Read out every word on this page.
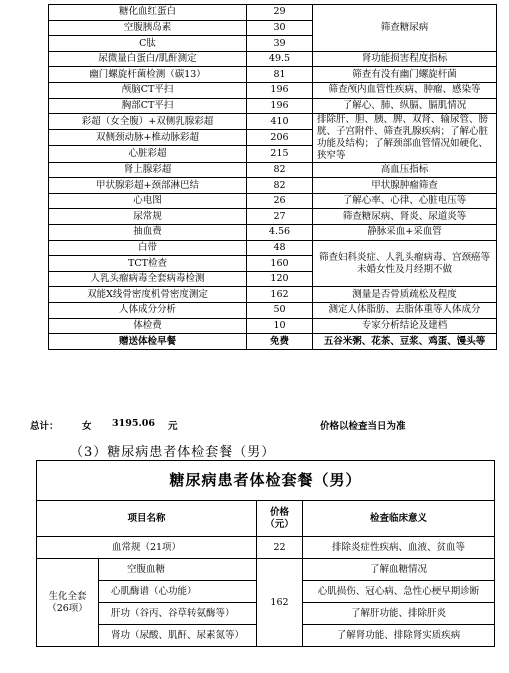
糖化血红蛋白	29	筛查糖尿病
空腹胰岛素	30	
C肽	39	
尿微量白蛋白/肌酐测定	49.5	肾功能损害程度指标
幽门螺旋杆菌检测（碳13）	81	筛查有没有幽门螺旋杆菌
颅脑CT平扫	196	筛查颅内血管性疾病、肿瘤、感染等
胸部CT平扫	196	了解心、肺、纵膈、膈肌情况
彩超（女全腹）+双侧乳腺彩超	410	排除肝、胆、胰、脾、双肾、输尿管、膀胱、子宫附件、筛查乳腺疾病；了解心脏功能及结构；了解颈部血管情况如硬化、狭窄等
双侧颈动脉+椎动脉彩超	206	
心脏彩超	215	
肾上腺彩超	82	高血压指标
甲状腺彩超+颈部淋巴结	82	甲状腺肿瘤筛查
心电图	26	了解心率、心律、心脏电压等
尿常规	27	筛查糖尿病、肾炎、尿道炎等
抽血费	4.56	静脉采血+采血管
白带	48	筛查妇科炎症、人乳头瘤病毒、宫颈癌等未婚女性及月经期不做
TCT检查	160	
人乳头瘤病毒全套病毒检测	120	
双能X线骨密度机骨密度测定	162	测量是否骨质疏松及程度
人体成分分析	50	测定人体脂肪、去脂体重等人体成分
体检费	10	专家分析结论及建档
赠送体检早餐	免费	五谷米粥、花茶、豆浆、鸡蛋、馒头等
总计： 女 3195.06 元	价格以检查当日为准
（3）糖尿病患者体检套餐（男）
糖尿病患者体检套餐（男）			
项目名称		价格（元）	检查临床意义
血常规（21项）		22	排除炎症性疾病、血液、贫血等
生化全套（26项）	空腹血糖	162	了解血糖情况
	心肌酶谱（心功能）		心肌损伤、冠心病、急性心梗早期诊断
	肝功（谷丙、谷草转氨酶等）		了解肝功能、排除肝炎
	肾功（尿酸、肌酐、尿素氮等）		了解肾功能、排除肾实质疾病
